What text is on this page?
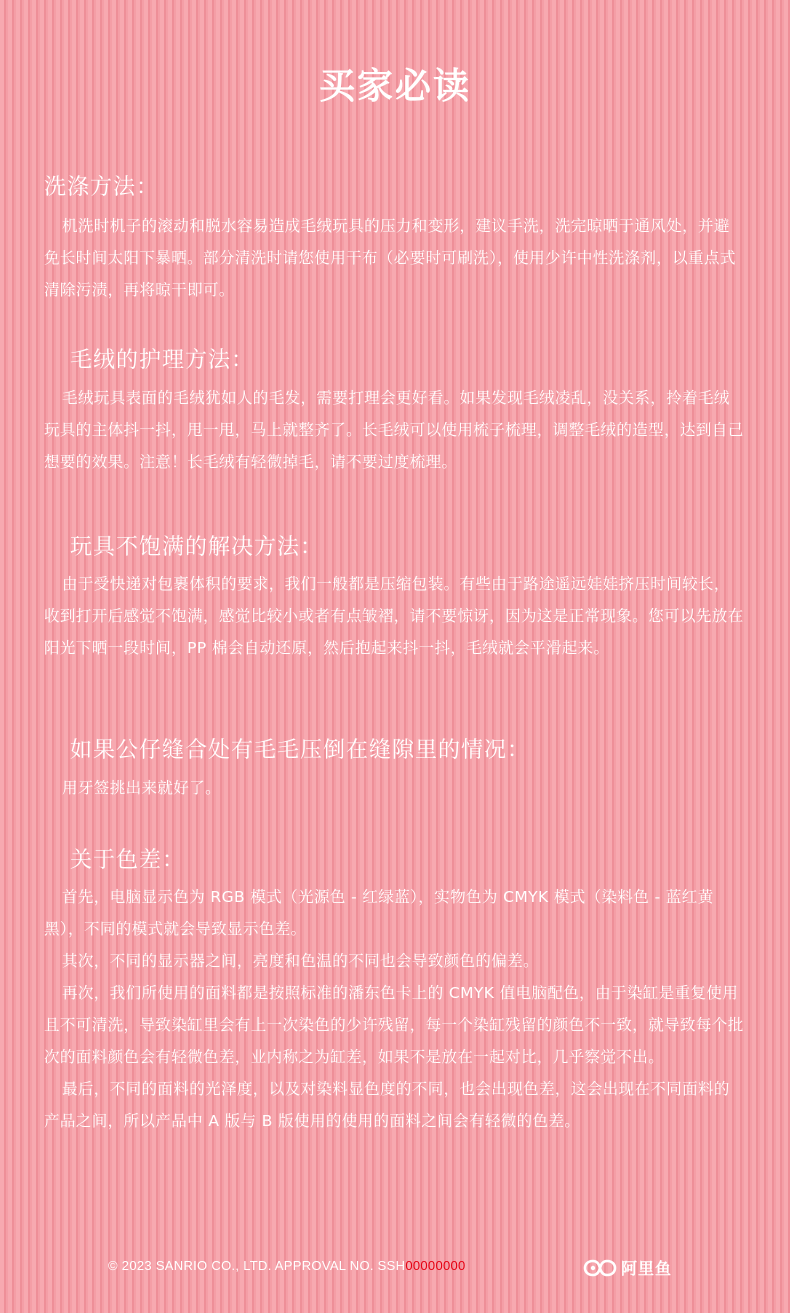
买家必读
洗涤方法：

机洗时机子的滚动和脱水容易造成毛绒玩具的压力和变形，建议手洗，洗完晾晒于通风处，并避免长时间太阳下暴晒。部分清洗时请您使用干布（必要时可刷洗），使用少许中性洗涤剂，以重点式清除污渍，再将晾干即可。

毛绒的护理方法：

毛绒玩具表面的毛绒犹如人的毛发，需要打理会更好看。如果发现毛绒凌乱，没关系，拎着毛绒玩具的主体抖一抖，甩一甩，马上就整齐了。长毛绒可以使用梳子梳理，调整毛绒的造型，达到自己想要的效果。注意！长毛绒有轻微掉毛，请不要过度梳理。

玩具不饱满的解决方法：

由于受快递对包裹体积的要求，我们一般都是压缩包装。有些由于路途遥远娃娃挤压时间较长，收到打开后感觉不饱满，感觉比较小或者有点皱褶，请不要惊讶，因为这是正常现象。您可以先放在阳光下晒一段时间，PP 棉会自动还原，然后抱起来抖一抖，毛绒就会平滑起来。

如果公仔缝合处有毛毛压倒在缝隙里的情况：

用牙签挑出来就好了。

关于色差：

首先，电脑显示色为 RGB 模式（光源色 - 红绿蓝），实物色为 CMYK 模式（染料色 - 蓝红黄黑），不同的模式就会导致显示色差。

其次，不同的显示器之间，亮度和色温的不同也会导致颜色的偏差。

再次，我们所使用的面料都是按照标准的潘东色卡上的 CMYK 值电脑配色，由于染缸是重复使用且不可清洗，导致染缸里会有上一次染色的少许残留，每一个染缸残留的颜色不一致，就导致每个批次的面料颜色会有轻微色差，业内称之为缸差，如果不是放在一起对比，几乎察觉不出。

最后，不同的面料的光泽度，以及对染料显色度的不同，也会出现色差，这会出现在不同面料的产品之间，所以产品中 A 版与 B 版使用的使用的面料之间会有轻微的色差。

© 2023 SANRIO CO., LTD. APPROVAL NO. SSH00000000	阿里鱼
